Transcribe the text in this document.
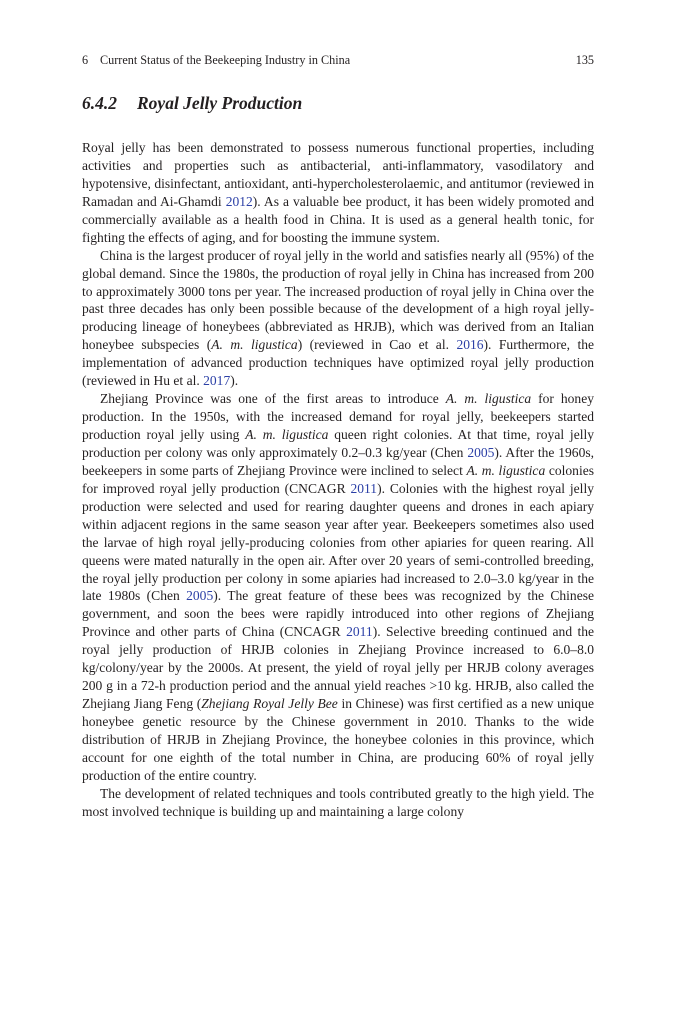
6 Current Status of the Beekeeping Industry in China	135
6.4.2 Royal Jelly Production

Royal jelly has been demonstrated to possess numerous functional properties, including activities and properties such as antibacterial, anti-inflammatory, vasodilatory and hypotensive, disinfectant, antioxidant, anti-hypercholesterolaemic, and antitumor (reviewed in Ramadan and Ai-Ghamdi 2012). As a valuable bee product, it has been widely promoted and commercially available as a health food in China. It is used as a general health tonic, for fighting the effects of aging, and for boosting the immune system.

China is the largest producer of royal jelly in the world and satisfies nearly all (95%) of the global demand. Since the 1980s, the production of royal jelly in China has increased from 200 to approximately 3000 tons per year. The increased production of royal jelly in China over the past three decades has only been possible because of the development of a high royal jelly-producing lineage of honeybees (abbreviated as HRJB), which was derived from an Italian honeybee subspecies (A. m. ligustica) (reviewed in Cao et al. 2016). Furthermore, the implementation of advanced production techniques have optimized royal jelly production (reviewed in Hu et al. 2017).

Zhejiang Province was one of the first areas to introduce A. m. ligustica for honey production. In the 1950s, with the increased demand for royal jelly, beekeepers started production royal jelly using A. m. ligustica queen right colonies. At that time, royal jelly production per colony was only approximately 0.2–0.3 kg/year (Chen 2005). After the 1960s, beekeepers in some parts of Zhejiang Province were inclined to select A. m. ligustica colonies for improved royal jelly production (CNCAGR 2011). Colonies with the highest royal jelly production were selected and used for rearing daughter queens and drones in each apiary within adjacent regions in the same season year after year. Beekeepers sometimes also used the larvae of high royal jelly-producing colonies from other apiaries for queen rearing. All queens were mated naturally in the open air. After over 20 years of semi-controlled breeding, the royal jelly production per colony in some apiaries had increased to 2.0–3.0 kg/year in the late 1980s (Chen 2005). The great feature of these bees was recognized by the Chinese government, and soon the bees were rapidly introduced into other regions of Zhejiang Province and other parts of China (CNCAGR 2011). Selective breeding continued and the royal jelly production of HRJB colonies in Zhejiang Province increased to 6.0–8.0 kg/colony/year by the 2000s. At present, the yield of royal jelly per HRJB colony averages 200 g in a 72-h production period and the annual yield reaches >10 kg. HRJB, also called the Zhejiang Jiang Feng (Zhejiang Royal Jelly Bee in Chinese) was first certified as a new unique honeybee genetic resource by the Chinese government in 2010. Thanks to the wide distribution of HRJB in Zhejiang Province, the honeybee colonies in this province, which account for one eighth of the total number in China, are producing 60% of royal jelly production of the entire country.

The development of related techniques and tools contributed greatly to the high yield. The most involved technique is building up and maintaining a large colony
